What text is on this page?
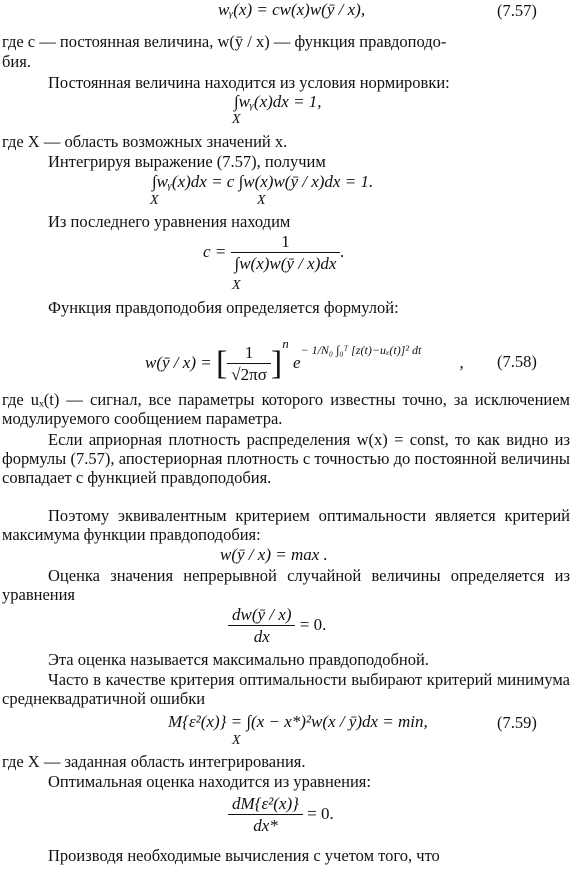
wᵧ(x) = cw(x)w(ȳ / x),	(7.57)
где c — постоянная величина, w(ȳ / x) — функция правдоподо-
бия.
Постоянная величина находится из условия нормировки:
∫wᵧ(x)dx = 1,
X
где X — область возможных значений x.
Интегрируя выражение (7.57), получим
∫wᵧ(x)dx = c ∫w(x)w(ȳ / x)dx = 1.
X	X
Из последнего уравнения находим
$c = \frac{1}{\int w(x)w(ȳ / x)dx}$ .
X
Функция правдоподобия определяется формулой:
w(ȳ / x) = [ $\frac{1}{√2\pi\sigma} ]^n$ $e^{- 1/N_0 \int_0ᵀ [z(t)-u_x(t)]^2 dt}$ , (7.58)
где uₓ(t) — сигнал, все параметры которого известны точно, за исключением модулируемого сообщением параметра.
Если априорная плотность распределения w(x) = const, то как видно из формулы (7.57), апостериорная плотность с точностью до постоянной величины совпадает с функцией правдоподобия.
Поэтому эквивалентным критерием оптимальности является критерий максимума функции правдоподобия:
w(ȳ / x) = max .
Оценка значения непрерывной случайной величины определяется из уравнения
$\frac{dw(ȳ / x)}{dx} = 0$.
Эта оценка называется максимально правдоподобной.
Часто в качестве критерия оптимальности выбирают критерий минимума среднеквадратичной ошибки
M{ε²(x)} = ∫(x − x*)²w(x / ȳ)dx = min,
X
(7.59)
где X — заданная область интегрирования.
Оптимальная оценка находится из уравнения:
$\frac{\text{dM\{ε²(x)\}}}{dx*} = 0$.
Производя необходимые вычисления с учетом того, что
